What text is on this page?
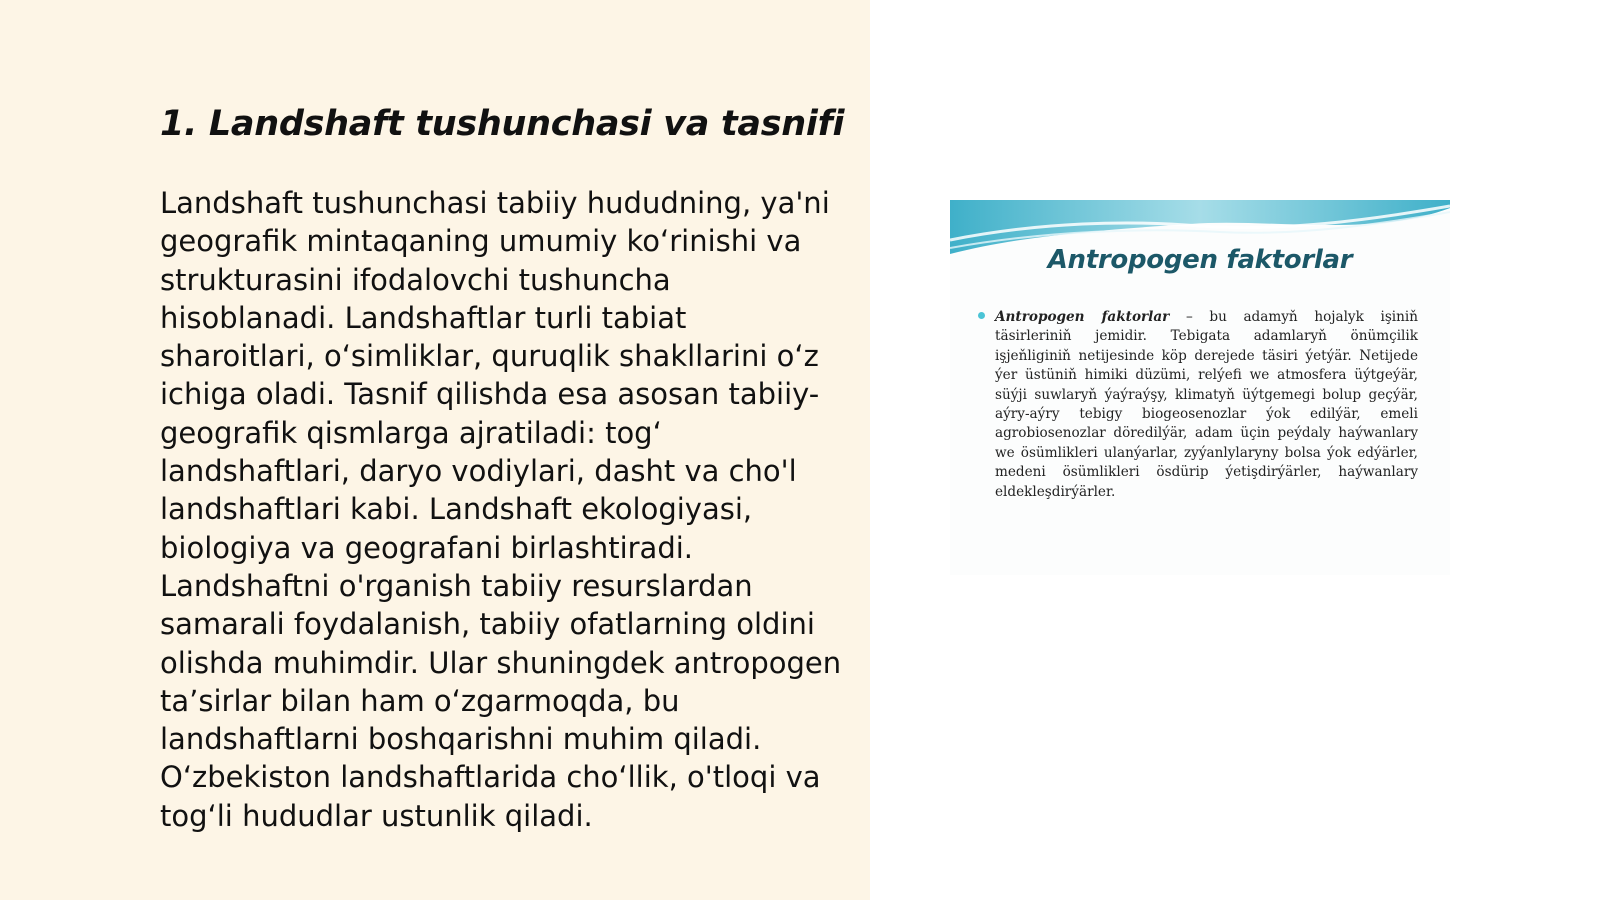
1. Landshaft tushunchasi va tasnifi

Landshaft tushunchasi tabiiy hududning, ya'ni geografik mintaqaning umumiy ko‘rinishi va strukturasini ifodalovchi tushuncha hisoblanadi. Landshaftlar turli tabiat sharoitlari, o‘simliklar, quruqlik shakllarini o‘z ichiga oladi. Tasnif qilishda esa asosan tabiiy-geografik qismlarga ajratiladi: tog‘ landshaftlari, daryo vodiylari, dasht va cho'l landshaftlari kabi. Landshaft ekologiyasi, biologiya va geografani birlashtiradi. Landshaftni o'rganish tabiiy resurslardan samarali foydalanish, tabiiy ofatlarning oldini olishda muhimdir. Ular shuningdek antropogen ta’sirlar bilan ham o‘zgarmoqda, bu landshaftlarni boshqarishni muhim qiladi. O‘zbekiston landshaftlarida cho‘llik, o'tloqi va tog‘li hududlar ustunlik qiladi.

Antropogen faktorlar

Antropogen faktorlar – bu adamyň hojalyk işiniň täsirleriniň jemidir. Tebigata adamlaryň önümçilik işjeňliginiň netijesinde köp derejede täsiri ýetýär. Netijede ýer üstüniň himiki düzümi, relýefi we atmosfera üýtgeýär, süýji suwlaryň ýaýraýşy, klimatyň üýtgemegi bolup geçýär, aýry-aýry tebigy biogeosenozlar ýok edilýär, emeli agrobiosenozlar döredilýär, adam üçin peýdaly haýwanlary we ösümlikleri ulanýarlar, zyýanlylaryny bolsa ýok edýärler, medeni ösümlikleri ösdürip ýetişdirýärler, haýwanlary eldekleşdirýärler.
